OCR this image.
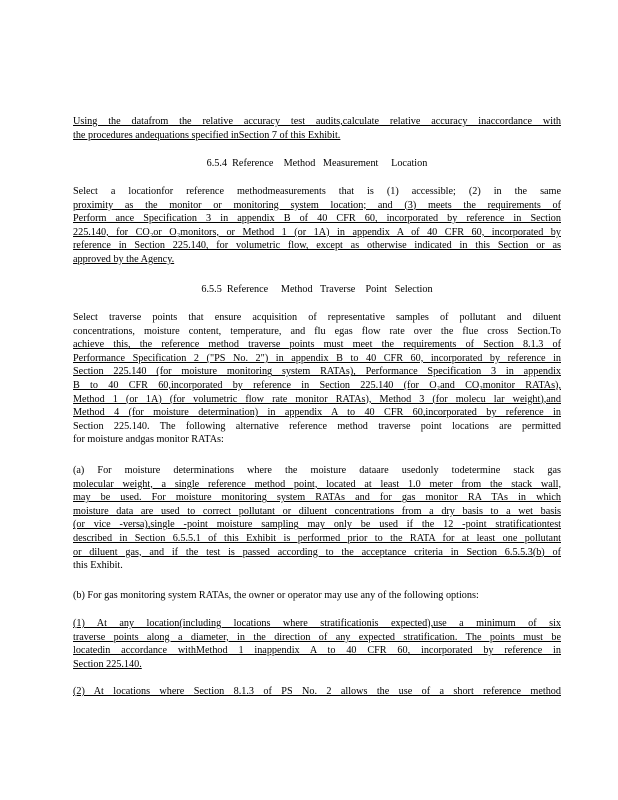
Using the datafrom the relative accuracy test audits,calculate relative accuracy inaccordance with
the procedures andequations specified inSection 7 of this Exhibit.
6.5.4  Reference    Method   Measurement     Location
Select a locationfor reference methodmeasurements that is (1) accessible; (2) in the same
proximity as the monitor or monitoring system location; and (3) meets the requirements of
Perform ance Specification 3 in appendix B of 40 CFR 60, incorporated by reference in Section
225.140, for CO₂or O₂monitors, or Method 1 (or 1A) in appendix A of 40 CFR 60, incorporated by
reference in Section 225.140, for volumetric flow, except as otherwise indicated in this Section or as
approved by the Agency.
6.5.5  Reference     Method   Traverse    Point   Selection
Select traverse points that ensure acquisition of representative samples of pollutant and diluent
concentrations, moisture content, temperature, and flu egas flow rate over the flue cross Section.To
achieve this, the reference method traverse points must meet the requirements of Section 8.1.3 of
Performance Specification 2 ("PS No. 2") in appendix B to 40 CFR 60, incorporated by reference in
Section 225.140 (for moisture monitoring system RATAs), Performance Specification 3 in appendix
B to 40 CFR 60,incorporated by reference in Section 225.140 (for O₂and CO₂monitor RATAs),
Method 1 (or 1A) (for volumetric flow rate monitor RATAs), Method 3 (for molecu lar weight),and
Method 4 (for moisture determination) in appendix A to 40 CFR 60,incorporated by reference in
Section 225.140. The following alternative reference method traverse point locations are permitted
for moisture andgas monitor RATAs:
(a) For moisture determinations where the moisture dataare usedonly todetermine stack gas
molecular weight, a single reference method point, located at least 1.0 meter from the stack wall,
may be used. For moisture monitoring system RATAs and for gas monitor RA TAs in which
moisture data are used to correct pollutant or diluent concentrations from a dry basis to a wet basis
(or vice -versa),single -point moisture sampling may only be used if the 12 -point stratificationtest
described in Section 6.5.5.1 of this Exhibit is performed prior to the RATA for at least one pollutant
or diluent gas, and if the test is passed according to the acceptance criteria in Section 6.5.5.3(b) of
this Exhibit.
(b) For gas monitoring system RATAs, the owner or operator may use any of the following options:
(1) At any location(including locations where stratificationis expected),use a minimum of six
traverse points along a diameter, in the direction of any expected stratification. The points must be
locatedin accordance withMethod 1 inappendix A to 40 CFR 60, incorporated by reference in
Section 225.140.
(2) At locations where Section 8.1.3 of PS No. 2 allows the use of a short reference method
